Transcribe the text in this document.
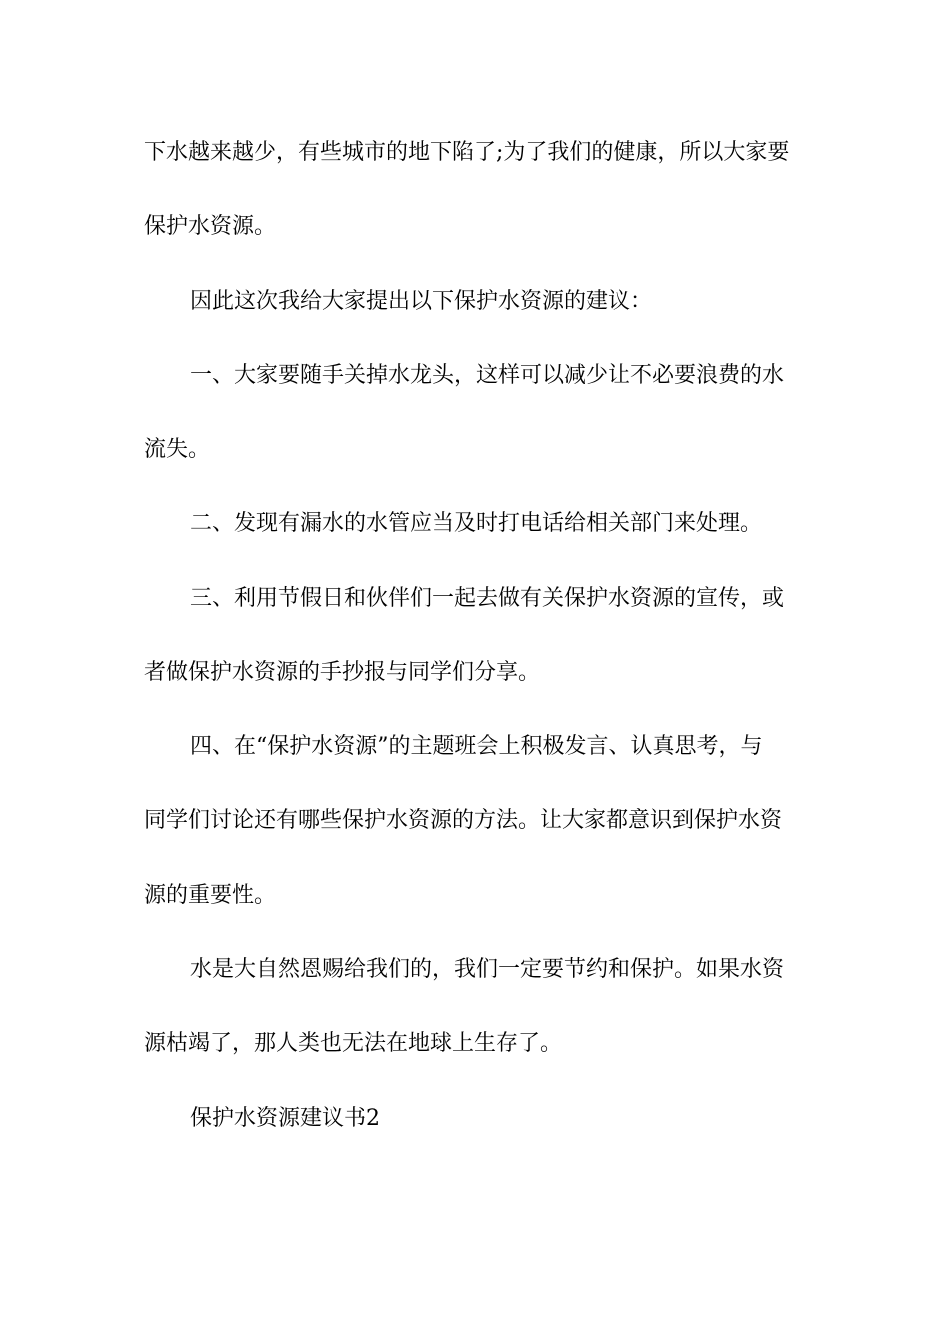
下水越来越少，有些城市的地下陷了;为了我们的健康，所以大家要

保护水资源。

因此这次我给大家提出以下保护水资源的建议：

一、大家要随手关掉水龙头，这样可以减少让不必要浪费的水

流失。

二、发现有漏水的水管应当及时打电话给相关部门来处理。

三、利用节假日和伙伴们一起去做有关保护水资源的宣传，或

者做保护水资源的手抄报与同学们分享。

四、在“保护水资源”的主题班会上积极发言、认真思考，与

同学们讨论还有哪些保护水资源的方法。让大家都意识到保护水资

源的重要性。

水是大自然恩赐给我们的，我们一定要节约和保护。如果水资

源枯竭了，那人类也无法在地球上生存了。

保护水资源建议书2
